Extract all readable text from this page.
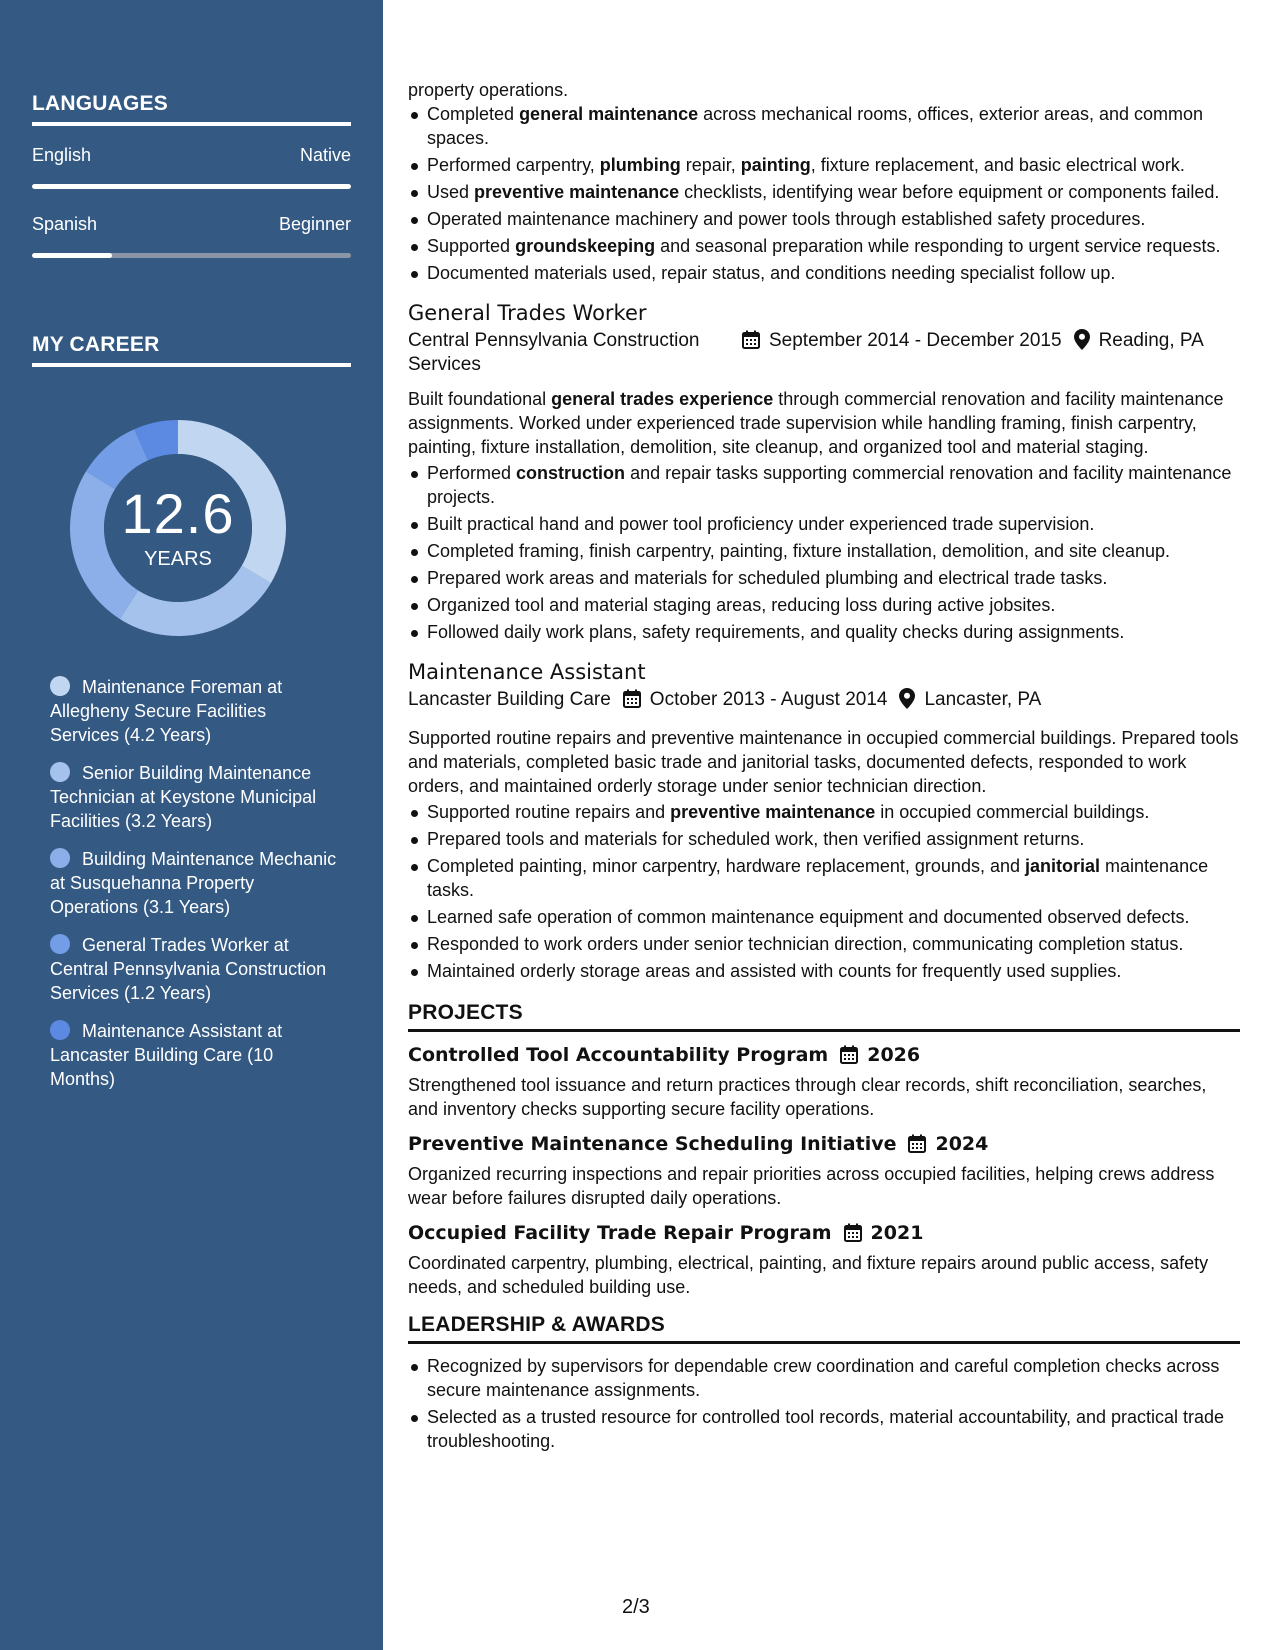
LANGUAGES
English	Native
Spanish	Beginner
MY CAREER
12.6
YEARS
Maintenance Foreman at Allegheny Secure Facilities Services (4.2 Years)
Senior Building Maintenance Technician at Keystone Municipal Facilities (3.2 Years)
Building Maintenance Mechanic at Susquehanna Property Operations (3.1 Years)
General Trades Worker at Central Pennsylvania Construction Services (1.2 Years)
Maintenance Assistant at Lancaster Building Care (10 Months)
property operations.
Completed general maintenance across mechanical rooms, offices, exterior areas, and common spaces.
Performed carpentry, plumbing repair, painting, fixture replacement, and basic electrical work.
Used preventive maintenance checklists, identifying wear before equipment or components failed.
Operated maintenance machinery and power tools through established safety procedures.
Supported groundskeeping and seasonal preparation while responding to urgent service requests.
Documented materials used, repair status, and conditions needing specialist follow up.
General Trades Worker
Central Pennsylvania Construction Services
September 2014 - December 2015 Reading, PA
Built foundational general trades experience through commercial renovation and facility maintenance assignments. Worked under experienced trade supervision while handling framing, finish carpentry, painting, fixture installation, demolition, site cleanup, and organized tool and material staging.
Performed construction and repair tasks supporting commercial renovation and facility maintenance projects.
Built practical hand and power tool proficiency under experienced trade supervision.
Completed framing, finish carpentry, painting, fixture installation, demolition, and site cleanup.
Prepared work areas and materials for scheduled plumbing and electrical trade tasks.
Organized tool and material staging areas, reducing loss during active jobsites.
Followed daily work plans, safety requirements, and quality checks during assignments.
Maintenance Assistant
Lancaster Building Care	October 2013 - August 2014 Lancaster, PA
Supported routine repairs and preventive maintenance in occupied commercial buildings. Prepared tools and materials, completed basic trade and janitorial tasks, documented defects, responded to work orders, and maintained orderly storage under senior technician direction.
Supported routine repairs and preventive maintenance in occupied commercial buildings.
Prepared tools and materials for scheduled work, then verified assignment returns.
Completed painting, minor carpentry, hardware replacement, grounds, and janitorial maintenance tasks.
Learned safe operation of common maintenance equipment and documented observed defects.
Responded to work orders under senior technician direction, communicating completion status.
Maintained orderly storage areas and assisted with counts for frequently used supplies.
PROJECTS
Controlled Tool Accountability Program 2026
Strengthened tool issuance and return practices through clear records, shift reconciliation, searches, and inventory checks supporting secure facility operations.
Preventive Maintenance Scheduling Initiative 2024
Organized recurring inspections and repair priorities across occupied facilities, helping crews address wear before failures disrupted daily operations.
Occupied Facility Trade Repair Program 2021
Coordinated carpentry, plumbing, electrical, painting, and fixture repairs around public access, safety needs, and scheduled building use.
LEADERSHIP & AWARDS
Recognized by supervisors for dependable crew coordination and careful completion checks across secure maintenance assignments.
Selected as a trusted resource for controlled tool records, material accountability, and practical trade troubleshooting.
2/3
